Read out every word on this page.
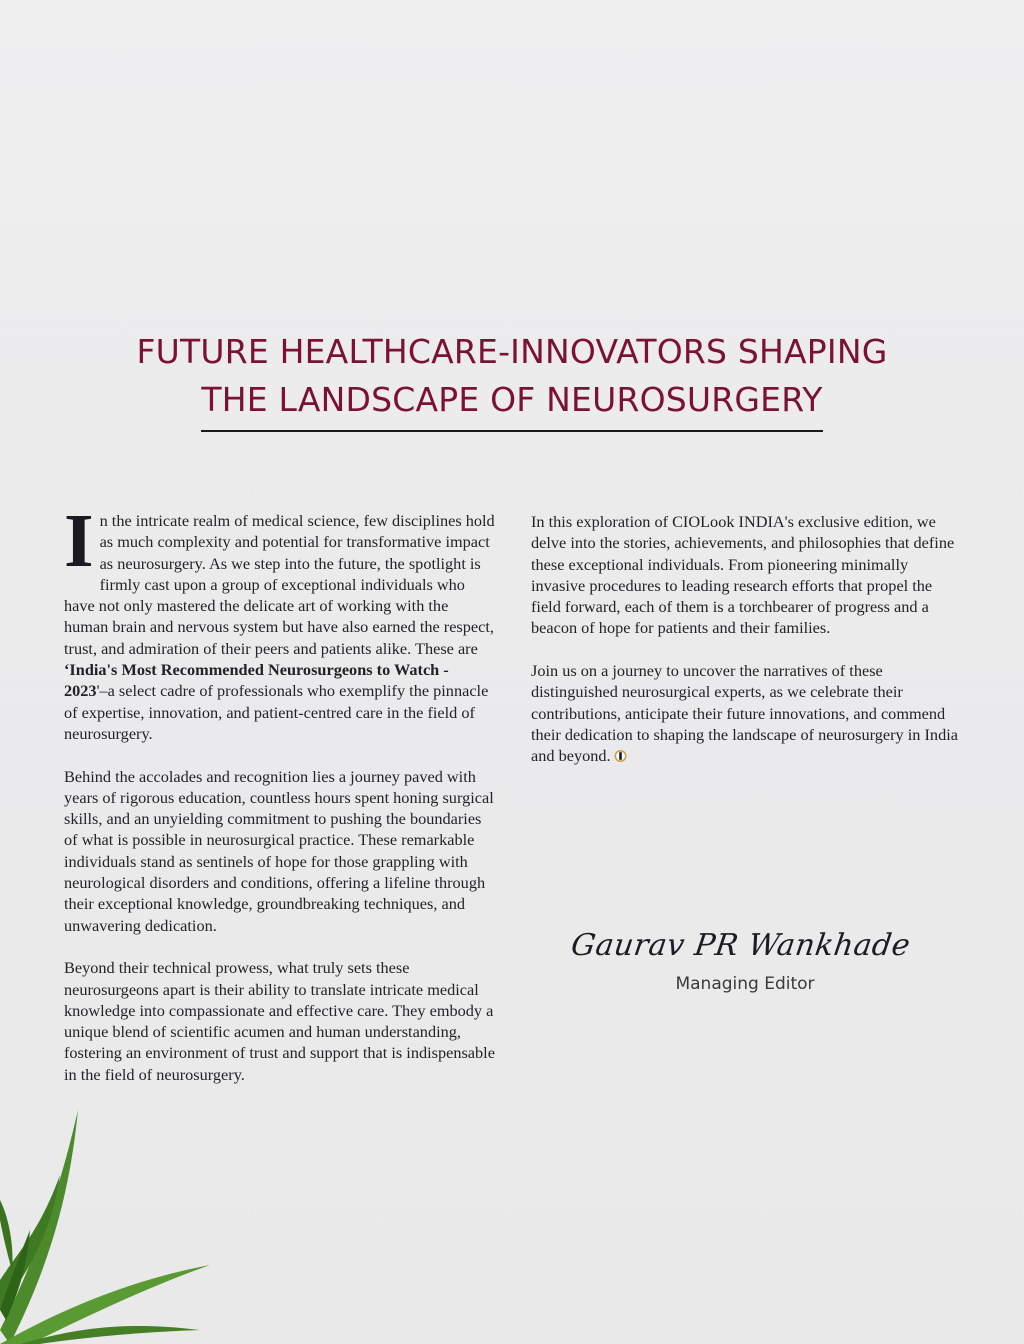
FUTURE HEALTHCARE-INNOVATORS SHAPING
THE LANDSCAPE OF NEUROSURGERY

In the intricate realm of medical science, few disciplines hold as much complexity and potential for transformative impact as neurosurgery. As we step into the future, the spotlight is firmly cast upon a group of exceptional individuals who have not only mastered the delicate art of working with the human brain and nervous system but have also earned the respect, trust, and admiration of their peers and patients alike. These are ‘India's Most Recommended Neurosurgeons to Watch - 2023'–a select cadre of professionals who exemplify the pinnacle of expertise, innovation, and patient-centred care in the field of neurosurgery.

Behind the accolades and recognition lies a journey paved with years of rigorous education, countless hours spent honing surgical skills, and an unyielding commitment to pushing the boundaries of what is possible in neurosurgical practice. These remarkable individuals stand as sentinels of hope for those grappling with neurological disorders and conditions, offering a lifeline through their exceptional knowledge, groundbreaking techniques, and unwavering dedication.

Beyond their technical prowess, what truly sets these neurosurgeons apart is their ability to translate intricate medical knowledge into compassionate and effective care. They embody a unique blend of scientific acumen and human understanding, fostering an environment of trust and support that is indispensable in the field of neurosurgery.

In this exploration of CIOLook INDIA's exclusive edition, we delve into the stories, achievements, and philosophies that define these exceptional individuals. From pioneering minimally invasive procedures to leading research efforts that propel the field forward, each of them is a torchbearer of progress and a beacon of hope for patients and their families.

Join us on a journey to uncover the narratives of these distinguished neurosurgical experts, as we celebrate their contributions, anticipate their future innovations, and commend their dedication to shaping the landscape of neurosurgery in India and beyond.

Gaurav PR Wankhade
Managing Editor
